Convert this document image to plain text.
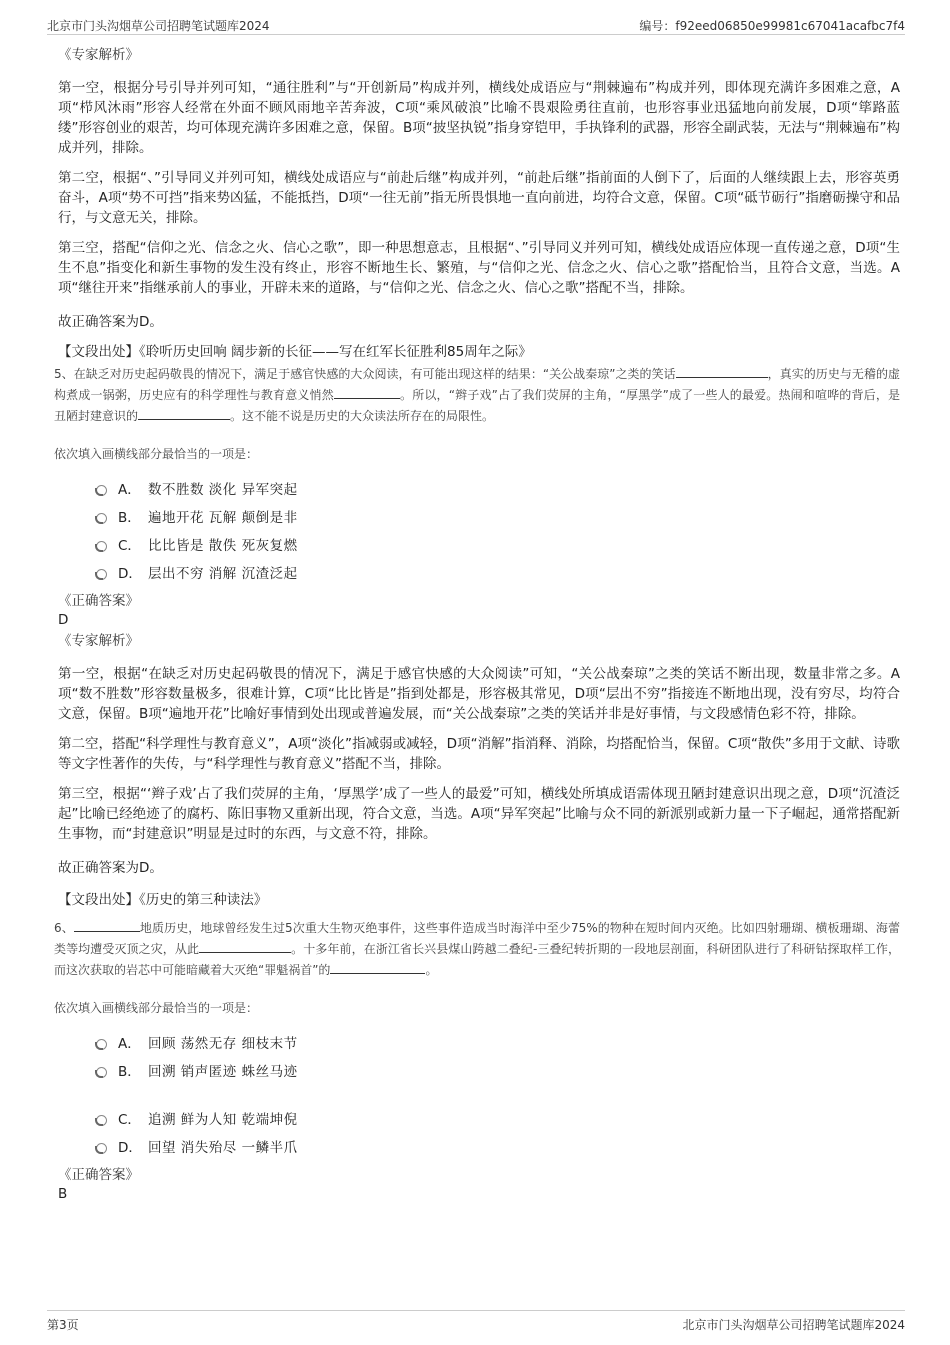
北京市门头沟烟草公司招聘笔试题库2024	编号：f92eed06850e99981c67041acafbc7f4
《专家解析》

第一空，根据分号引导并列可知，“通往胜利”与“开创新局”构成并列，横线处成语应与“荆棘遍布”构成并列，即体现充满许多困难之意，A项“栉风沐雨”形容人经常在外面不顾风雨地辛苦奔波，C项“乘风破浪”比喻不畏艰险勇往直前，也形容事业迅猛地向前发展，D项“筚路蓝缕”形容创业的艰苦，均可体现充满许多困难之意，保留。B项“披坚执锐”指身穿铠甲，手执锋利的武器，形容全副武装，无法与“荆棘遍布”构成并列，排除。

第二空，根据“、”引导同义并列可知，横线处成语应与“前赴后继”构成并列，“前赴后继”指前面的人倒下了，后面的人继续跟上去，形容英勇奋斗，A项“势不可挡”指来势凶猛，不能抵挡，D项“一往无前”指无所畏惧地一直向前进，均符合文意，保留。C项“砥节砺行”指磨砺操守和品行，与文意无关，排除。

第三空，搭配“信仰之光、信念之火、信心之歌”，即一种思想意志，且根据“、”引导同义并列可知，横线处成语应体现一直传递之意，D项“生生不息”指变化和新生事物的发生没有终止，形容不断地生长、繁殖，与“信仰之光、信念之火、信心之歌”搭配恰当，且符合文意，当选。A项“继往开来”指继承前人的事业，开辟未来的道路，与“信仰之光、信念之火、信心之歌”搭配不当，排除。

故正确答案为D。

【文段出处】《聆听历史回响 阔步新的长征——写在红军长征胜利85周年之际》

5、在缺乏对历史起码敬畏的情况下，满足于感官快感的大众阅读，有可能出现这样的结果：“关公战秦琼”之类的笑话	，真实的历史与无稽的虚构煮成一锅粥，历史应有的科学理性与教育意义悄然	。所以，“辫子戏”占了我们荧屏的主角，“厚黑学”成了一些人的最爱。热闹和喧哗的背后，是丑陋封建意识的	。这不能不说是历史的大众读法所存在的局限性。

依次填入画横线部分最恰当的一项是：
A． 数不胜数 淡化 异军突起
B． 遍地开花 瓦解 颠倒是非
C． 比比皆是 散佚 死灰复燃
D． 层出不穷 消解 沉渣泛起
《正确答案》
D
《专家解析》

第一空，根据“在缺乏对历史起码敬畏的情况下，满足于感官快感的大众阅读”可知，“关公战秦琼”之类的笑话不断出现，数量非常之多。A项“数不胜数”形容数量极多，很难计算，C项“比比皆是”指到处都是，形容极其常见，D项“层出不穷”指接连不断地出现，没有穷尽，均符合文意，保留。B项“遍地开花”比喻好事情到处出现或普遍发展，而“关公战秦琼”之类的笑话并非是好事情，与文段感情色彩不符，排除。

第二空，搭配“科学理性与教育意义”，A项“淡化”指减弱或减轻，D项“消解”指消释、消除，均搭配恰当，保留。C项“散佚”多用于文献、诗歌等文字性著作的失传，与“科学理性与教育意义”搭配不当，排除。

第三空，根据“‘辫子戏’占了我们荧屏的主角，‘厚黑学’成了一些人的最爱”可知，横线处所填成语需体现丑陋封建意识出现之意，D项“沉渣泛起”比喻已经绝迹了的腐朽、陈旧事物又重新出现，符合文意，当选。A项“异军突起”比喻与众不同的新派别或新力量一下子崛起，通常搭配新生事物，而“封建意识”明显是过时的东西，与文意不符，排除。

故正确答案为D。

【文段出处】《历史的第三种读法》

6、	地质历史，地球曾经发生过5次重大生物灭绝事件，这些事件造成当时海洋中至少75%的物种在短时间内灭绝。比如四射珊瑚、横板珊瑚、海蕾类等均遭受灭顶之灾，从此	。十多年前，在浙江省长兴县煤山跨越二叠纪-三叠纪转折期的一段地层剖面，科研团队进行了科研钻探取样工作，而这次获取的岩芯中可能暗藏着大灭绝“罪魁祸首”的	。

依次填入画横线部分最恰当的一项是：
A． 回顾 荡然无存 细枝末节
B． 回溯 销声匿迹 蛛丝马迹
C． 追溯 鲜为人知 乾端坤倪
D． 回望 消失殆尽 一鳞半爪
《正确答案》
B
第3页	北京市门头沟烟草公司招聘笔试题库2024
